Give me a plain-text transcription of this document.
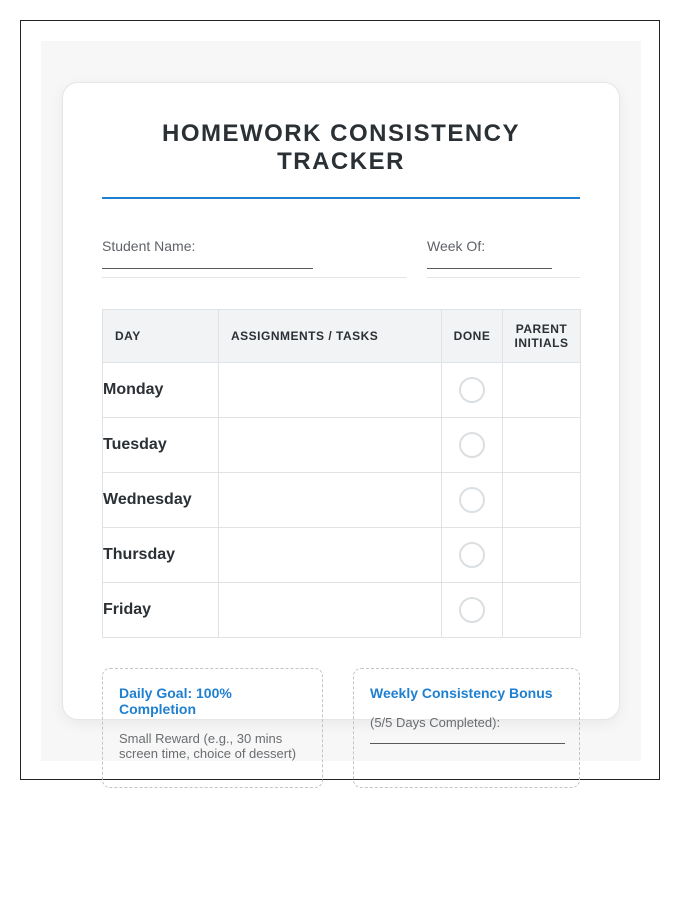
HOMEWORK CONSISTENCY
TRACKER
Student Name:	Week Of:
DAY	ASSIGNMENTS / TASKS	DONE	PARENT
INITIALS

Monday			
Tuesday			
Wednesday			
Thursday			
Friday			
Daily Goal: 100%
Completion
Small Reward (e.g., 30 mins
screen time, choice of dessert)
Weekly Consistency Bonus
(5/5 Days Completed):
